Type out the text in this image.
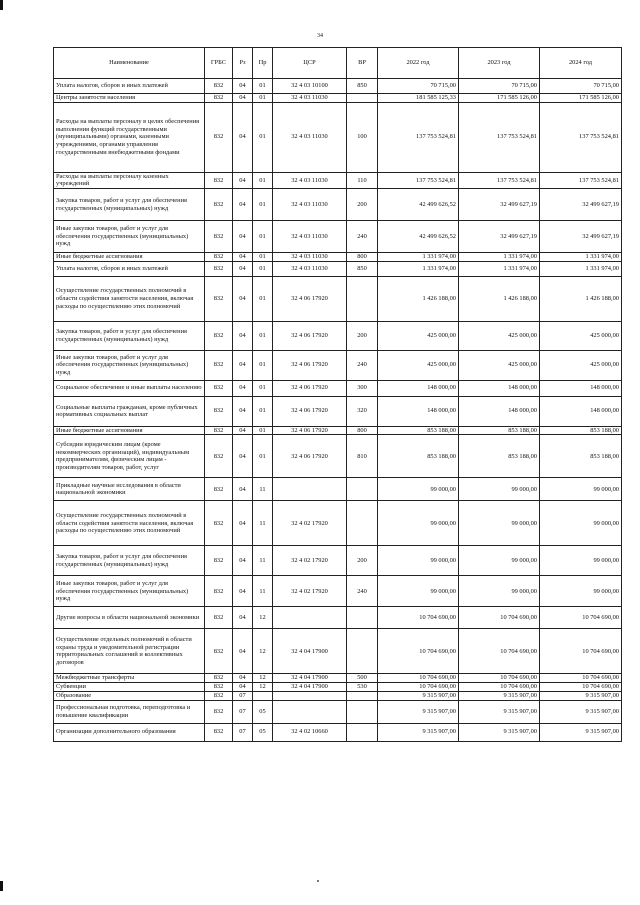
34
Наименование	ГРБС	Рз	Пр	ЦСР	ВР	2022 год	2023 год	2024 год
Уплата налогов, сборов и иных платежей	832	04	01	32 4 03 10100	850	70 715,00	70 715,00	70 715,00
Центры занятости населения	832	04	01	32 4 03 11030		181 585 125,33	171 585 126,00	171 585 126,00
Расходы на выплаты персоналу в целях обеспечения выполнения функций государственными (муниципальными) органами, казенными учреждениями, органами управления государственными внебюджетными фондами	832	04	01	32 4 03 11030	100	137 753 524,81	137 753 524,81	137 753 524,81
Расходы на выплаты персоналу казенных учреждений	832	04	01	32 4 03 11030	110	137 753 524,81	137 753 524,81	137 753 524,81
Закупка товаров, работ и услуг для обеспечения государственных (муниципальных) нужд	832	04	01	32 4 03 11030	200	42 499 626,52	32 499 627,19	32 499 627,19
Иные закупки товаров, работ и услуг для обеспечения государственных (муниципальных) нужд	832	04	01	32 4 03 11030	240	42 499 626,52	32 499 627,19	32 499 627,19
Иные бюджетные ассигнования	832	04	01	32 4 03 11030	800	1 331 974,00	1 331 974,00	1 331 974,00
Уплата налогов, сборов и иных платежей	832	04	01	32 4 03 11030	850	1 331 974,00	1 331 974,00	1 331 974,00
Осуществление государственных полномочий в области содействия занятости населения, включая расходы по осуществлению этих полномочий	832	04	01	32 4 06 17920		1 426 188,00	1 426 188,00	1 426 188,00
Закупка товаров, работ и услуг для обеспечения государственных (муниципальных) нужд	832	04	01	32 4 06 17920	200	425 000,00	425 000,00	425 000,00
Иные закупки товаров, работ и услуг для обеспечения государственных (муниципальных) нужд	832	04	01	32 4 06 17920	240	425 000,00	425 000,00	425 000,00
Социальное обеспечение и иные выплаты населению	832	04	01	32 4 06 17920	300	148 000,00	148 000,00	148 000,00
Социальные выплаты гражданам, кроме публичных нормативных социальных выплат	832	04	01	32 4 06 17920	320	148 000,00	148 000,00	148 000,00
Иные бюджетные ассигнования	832	04	01	32 4 06 17920	800	853 188,00	853 188,00	853 188,00
Субсидии юридическим лицам (кроме некоммерческих организаций), индивидуальным предпринимателям, физическим лицам - производителям товаров, работ, услуг	832	04	01	32 4 06 17920	810	853 188,00	853 188,00	853 188,00
Прикладные научные исследования в области национальной экономики	832	04	11			99 000,00	99 000,00	99 000,00
Осуществление государственных полномочий в области содействия занятости населения, включая расходы по осуществлению этих полномочий	832	04	11	32 4 02 17920		99 000,00	99 000,00	99 000,00
Закупка товаров, работ и услуг для обеспечения государственных (муниципальных) нужд	832	04	11	32 4 02 17920	200	99 000,00	99 000,00	99 000,00
Иные закупки товаров, работ и услуг для обеспечения государственных (муниципальных) нужд	832	04	11	32 4 02 17920	240	99 000,00	99 000,00	99 000,00
Другие вопросы в области национальной экономики	832	04	12			10 704 690,00	10 704 690,00	10 704 690,00
Осуществление отдельных полномочий в области охраны труда и уведомительной регистрации территориальных соглашений и коллективных договоров	832	04	12	32 4 04 17900		10 704 690,00	10 704 690,00	10 704 690,00
Межбюджетные трансферты	832	04	12	32 4 04 17900	500	10 704 690,00	10 704 690,00	10 704 690,00
Субвенции	832	04	12	32 4 04 17900	530	10 704 690,00	10 704 690,00	10 704 690,00
Образование	832	07				9 315 907,00	9 315 907,00	9 315 907,00
Профессиональная подготовка, переподготовка и повышение квалификации	832	07	05			9 315 907,00	9 315 907,00	9 315 907,00
Организации дополнительного образования	832	07	05	32 4 02 10660		9 315 907,00	9 315 907,00	9 315 907,00
